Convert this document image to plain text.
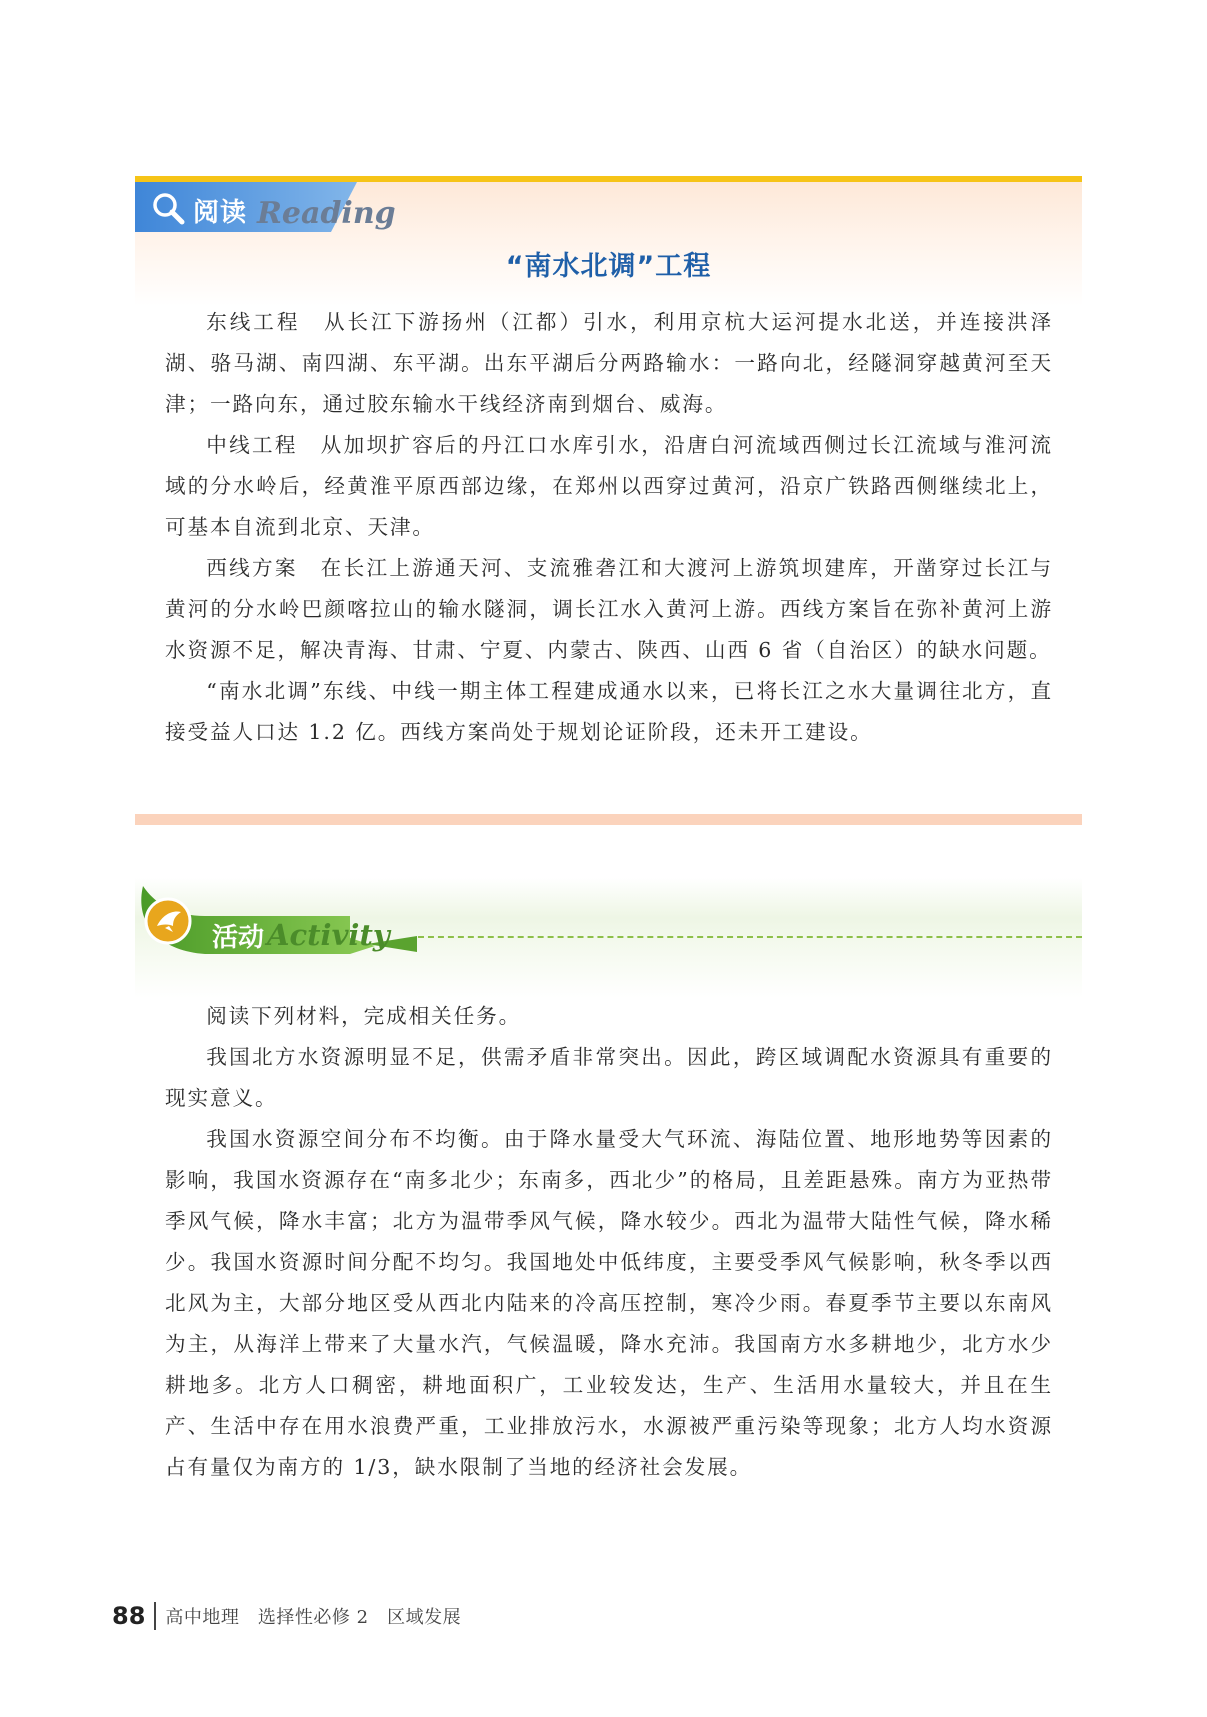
阅读 Reading
“南水北调”工程

东线工程　从长江下游扬州（江都）引水，利用京杭大运河提水北送，并连接洪泽湖、骆马湖、南四湖、东平湖。出东平湖后分两路输水：一路向北，经隧洞穿越黄河至天津；一路向东，通过胶东输水干线经济南到烟台、威海。

中线工程　从加坝扩容后的丹江口水库引水，沿唐白河流域西侧过长江流域与淮河流域的分水岭后，经黄淮平原西部边缘，在郑州以西穿过黄河，沿京广铁路西侧继续北上，可基本自流到北京、天津。

西线方案　在长江上游通天河、支流雅砻江和大渡河上游筑坝建库，开凿穿过长江与黄河的分水岭巴颜喀拉山的输水隧洞，调长江水入黄河上游。西线方案旨在弥补黄河上游水资源不足，解决青海、甘肃、宁夏、内蒙古、陕西、山西 6 省（自治区）的缺水问题。

“南水北调”东线、中线一期主体工程建成通水以来，已将长江之水大量调往北方，直接受益人口达 1.2 亿。西线方案尚处于规划论证阶段，还未开工建设。

活动 Activity

阅读下列材料，完成相关任务。

我国北方水资源明显不足，供需矛盾非常突出。因此，跨区域调配水资源具有重要的现实意义。

我国水资源空间分布不均衡。由于降水量受大气环流、海陆位置、地形地势等因素的影响，我国水资源存在“南多北少；东南多，西北少”的格局，且差距悬殊。南方为亚热带季风气候，降水丰富；北方为温带季风气候，降水较少。西北为温带大陆性气候，降水稀少。我国水资源时间分配不均匀。我国地处中低纬度，主要受季风气候影响，秋冬季以西北风为主，大部分地区受从西北内陆来的冷高压控制，寒冷少雨。春夏季节主要以东南风为主，从海洋上带来了大量水汽，气候温暖，降水充沛。我国南方水多耕地少，北方水少耕地多。北方人口稠密，耕地面积广，工业较发达，生产、生活用水量较大，并且在生产、生活中存在用水浪费严重，工业排放污水，水源被严重污染等现象；北方人均水资源占有量仅为南方的 1/3，缺水限制了当地的经济社会发展。

88	高中地理　选择性必修 2　区域发展
